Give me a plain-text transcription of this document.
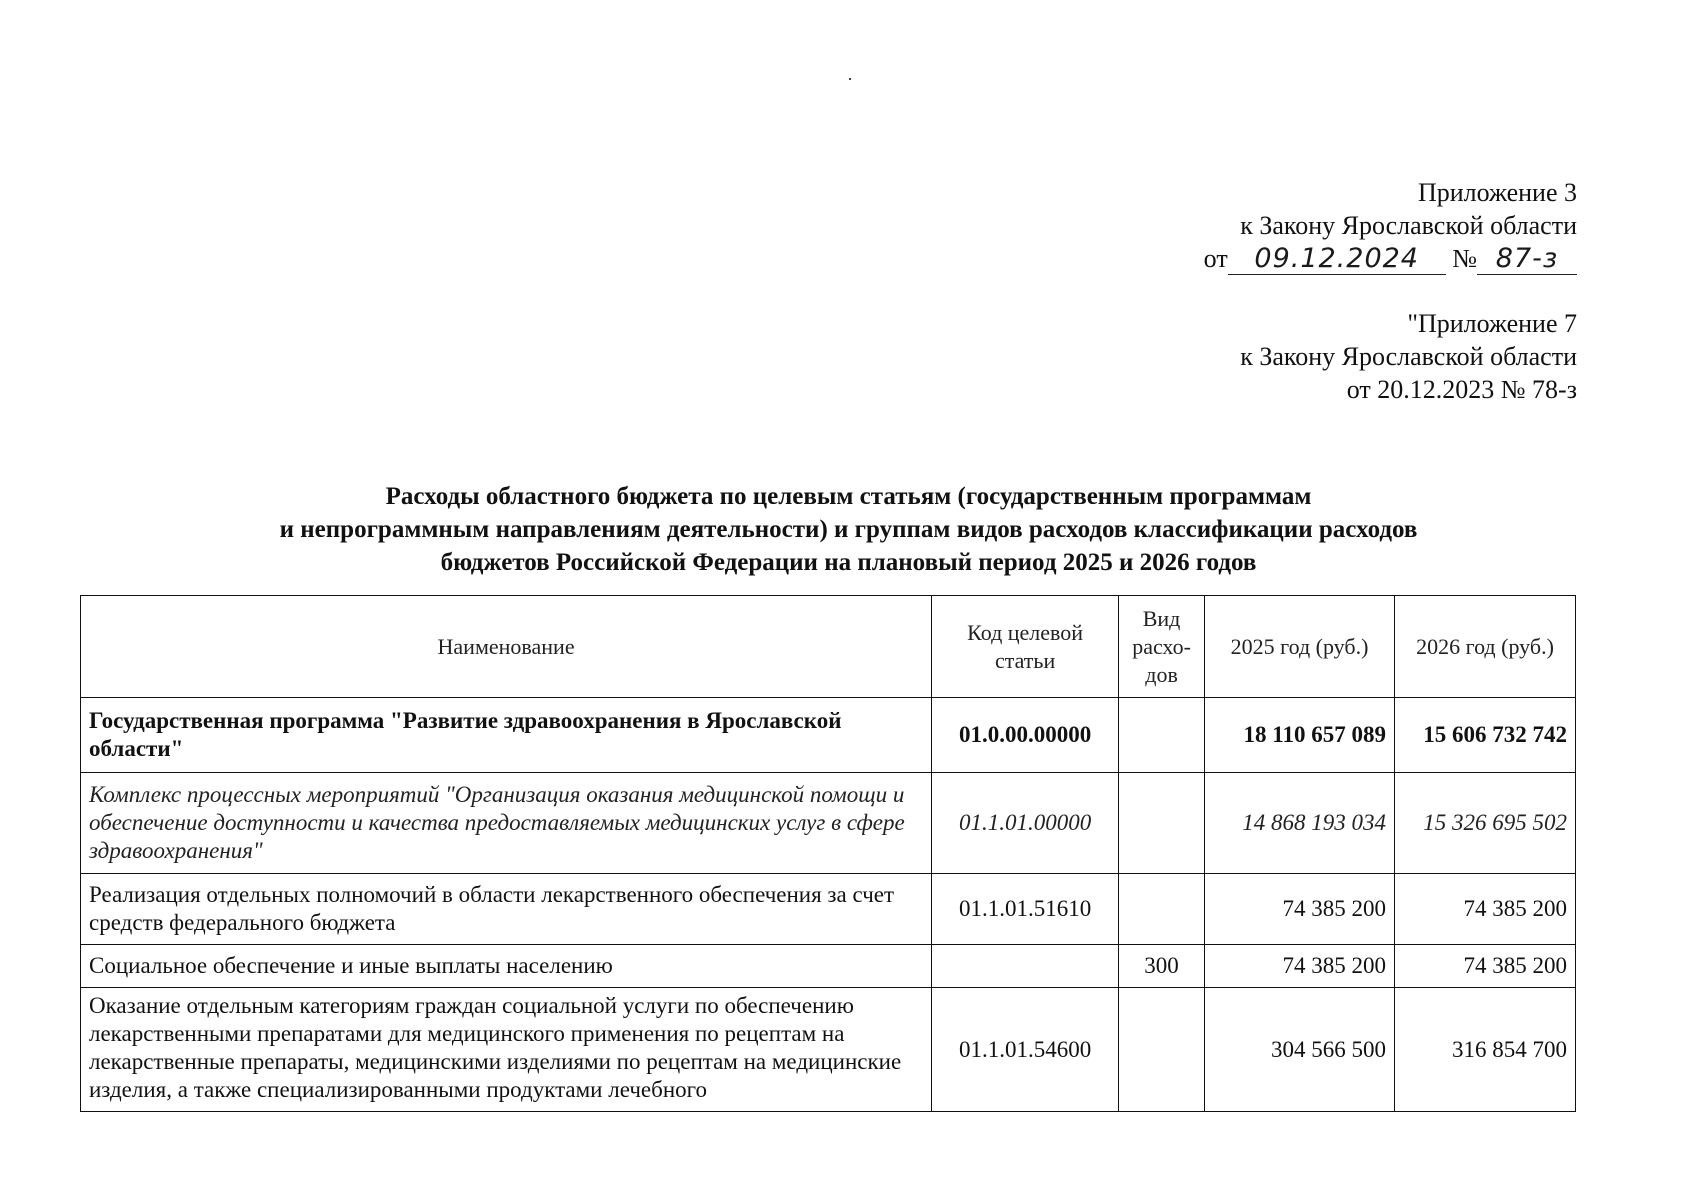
Приложение 3
к Закону Ярославской области
от 09.12.2024 № 87-з
"Приложение 7
к Закону Ярославской области
от 20.12.2023 № 78-з
Расходы областного бюджета по целевым статьям (государственным программам
и непрограммным направлениям деятельности) и группам видов расходов классификации расходов
бюджетов Российской Федерации на плановый период 2025 и 2026 годов
Наименование	Код целевой статьи	Вид расхо-дов	2025 год (руб.)	2026 год (руб.)
Государственная программа "Развитие здравоохранения в Ярославской области"	01.0.00.00000		18 110 657 089	15 606 732 742
Комплекс процессных мероприятий "Организация оказания медицинской помощи и обеспечение доступности и качества предоставляемых медицинских услуг в сфере здравоохранения"	01.1.01.00000		14 868 193 034	15 326 695 502
Реализация отдельных полномочий в области лекарственного обеспечения за счет средств федерального бюджета	01.1.01.51610		74 385 200	74 385 200
Социальное обеспечение и иные выплаты населению		300	74 385 200	74 385 200

Оказание отдельным категориям граждан социальной услуги по обеспечению лекарственными препаратами для медицинского применения по рецептам на лекарственные препараты, медицинскими изделиями по рецептам на медицинские изделия, а также специализированными продуктами лечебного	01.1.01.54600		304 566 500	316 854 700
